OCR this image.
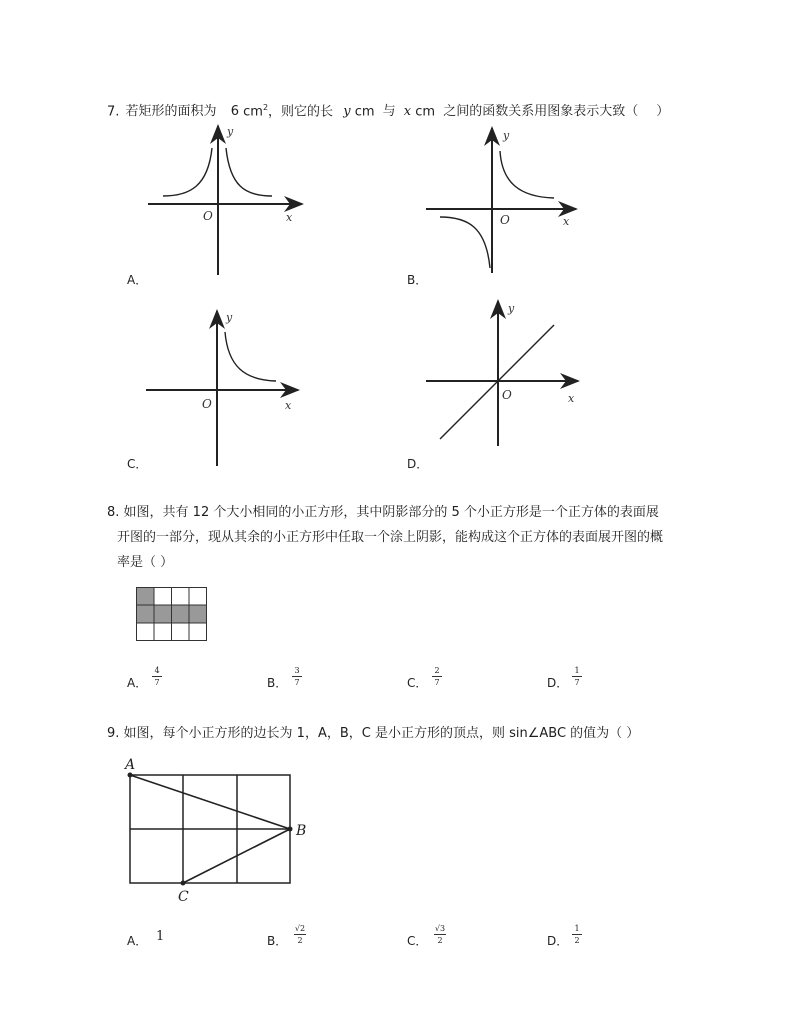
7. 若矩形的面积为 6 $cm^2$，则它的长 y cm 与 x cm 之间的函数关系用图象表示大致（ ）
y
x
O
A．
y
x
O
B．
y
x
O
C．
y
x
O
D．
8. 如图，共有 12 个大小相同的小正方形，其中阴影部分的 5 个小正方形是一个正方体的表面展
开图的一部分，现从其余的小正方形中任取一个涂上阴影，能构成这个正方体的表面展开图的概
率是（ ）
A．
4
7	B．
3
7	C．
2
7	D．
1
7
9. 如图，每个小正方形的边长为 1，A，B，C 是小正方形的顶点，则 sin∠ABC 的值为（ ）
A
B
C
A． 1	B．
√2
2	C．
√3
2	D．
1
2
